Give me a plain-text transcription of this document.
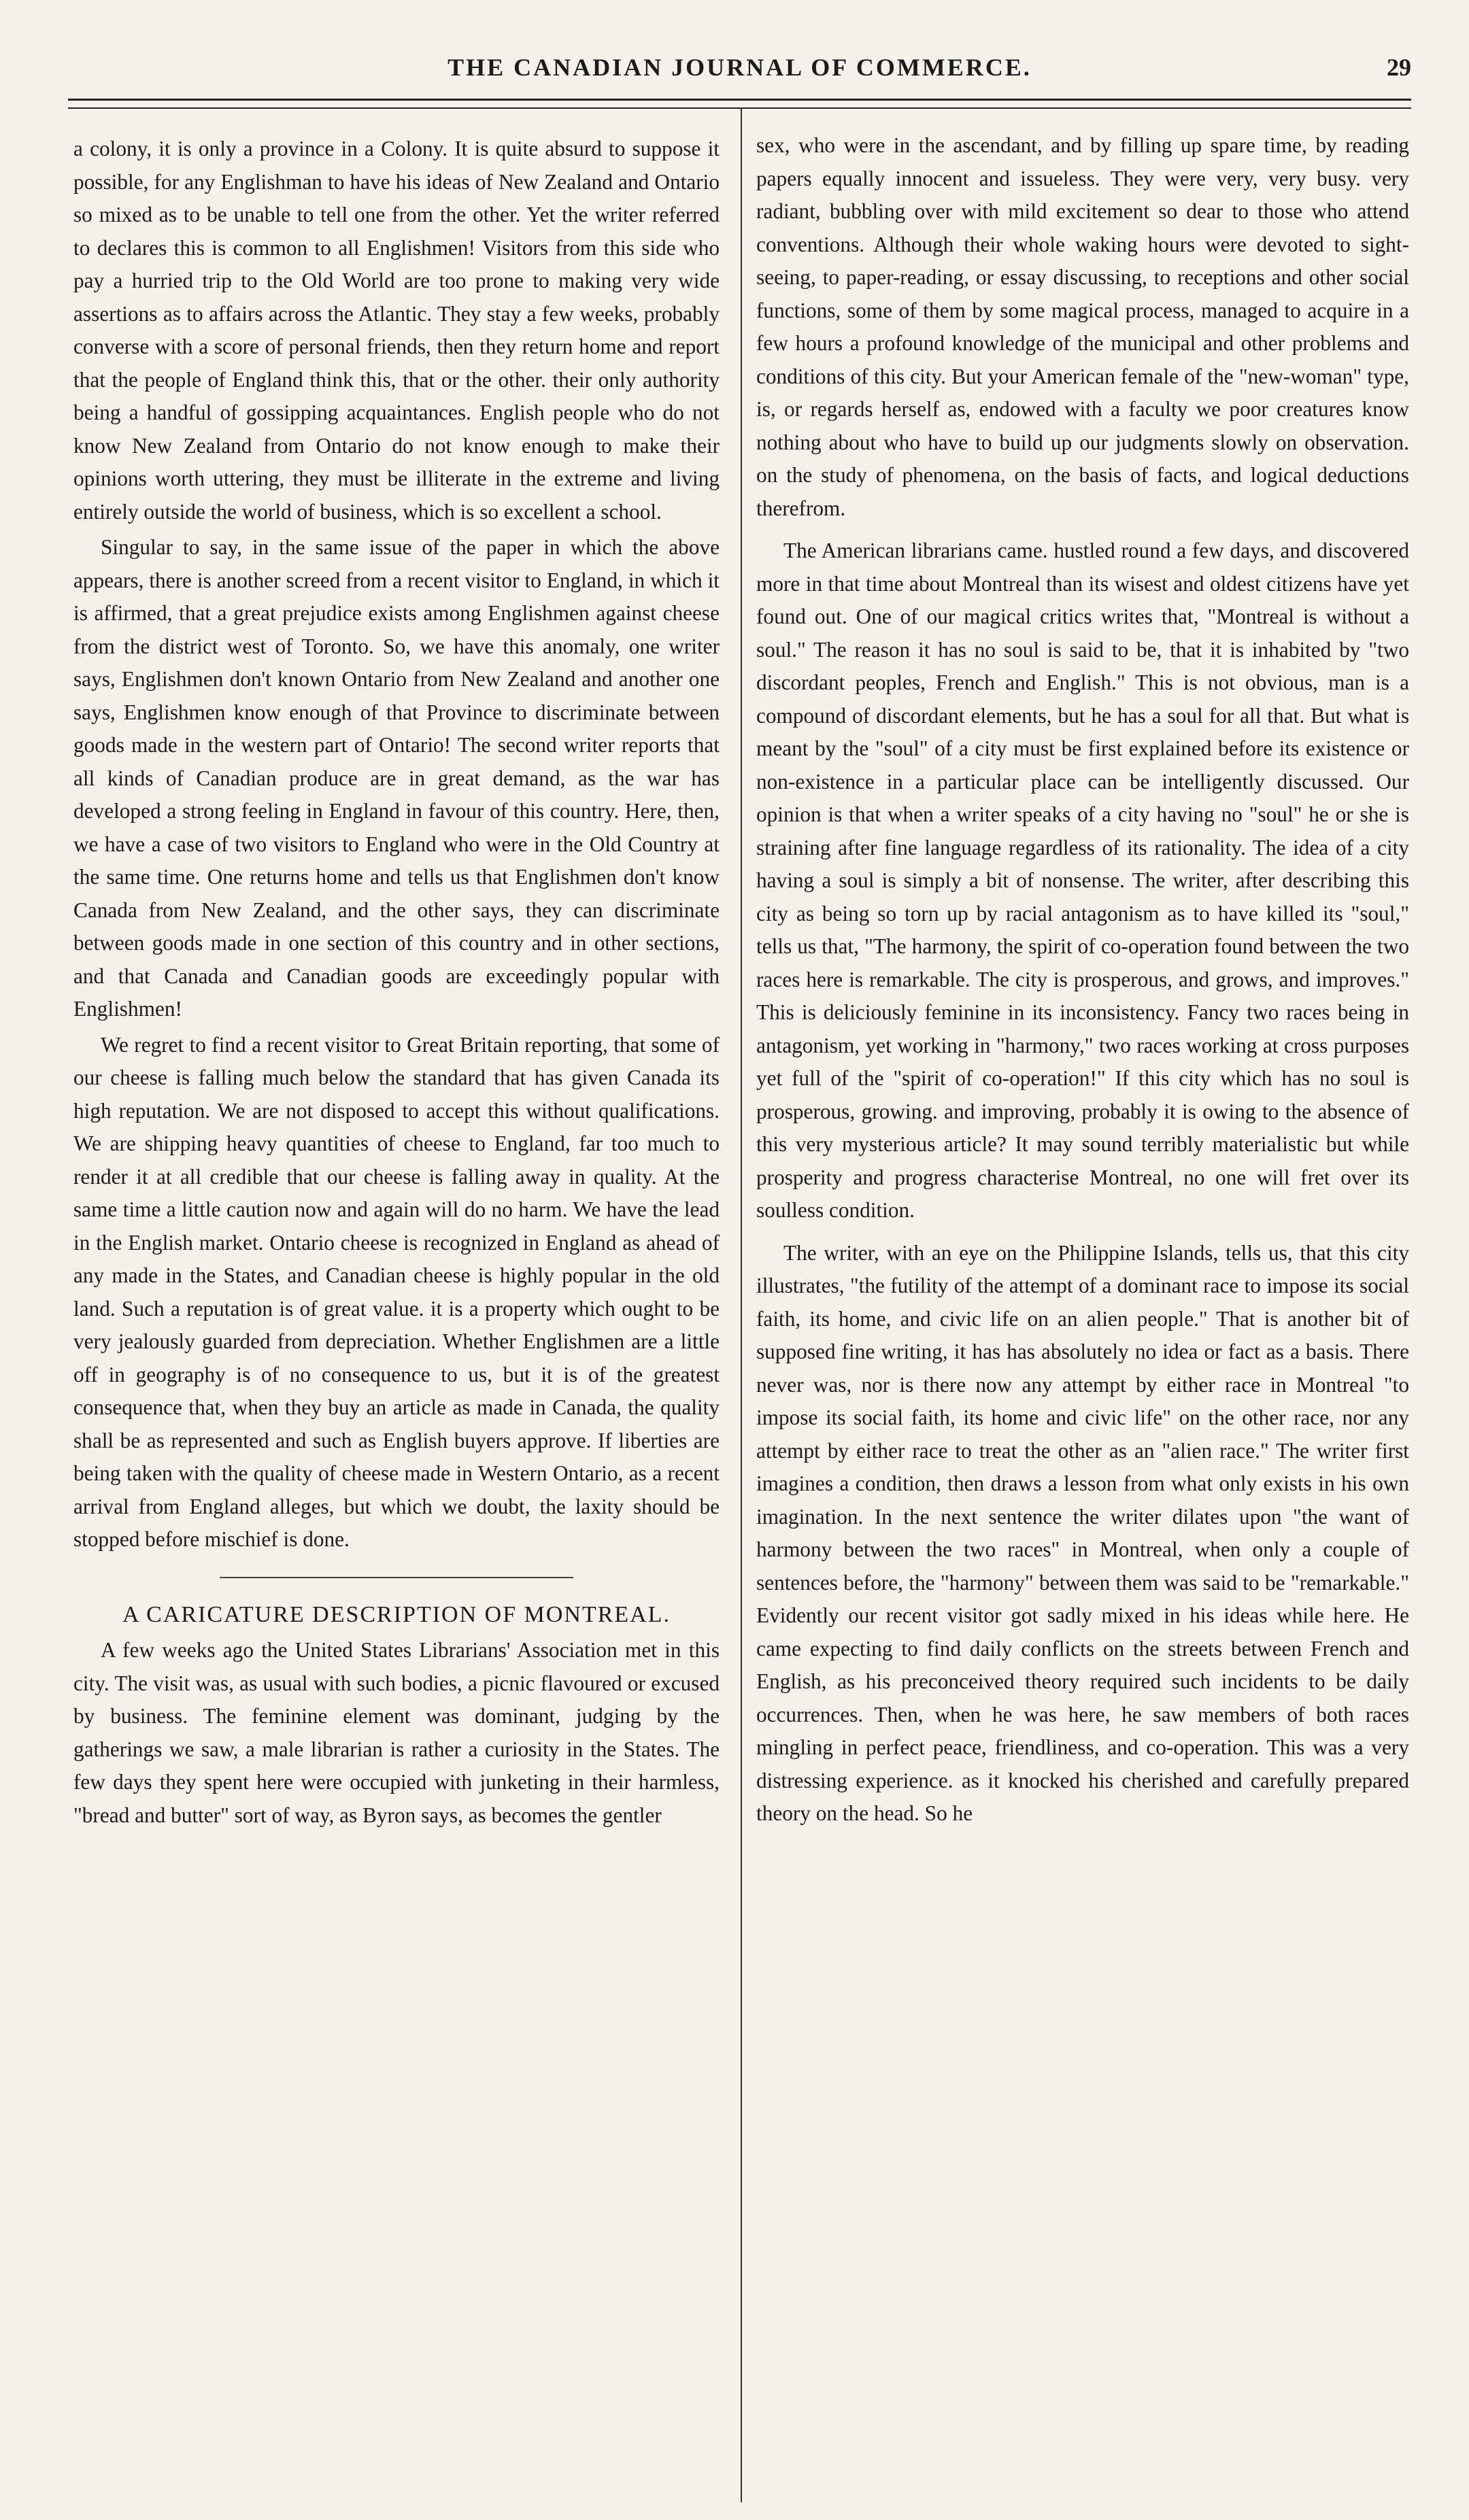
THE CANADIAN JOURNAL OF COMMERCE.	29

a colony, it is only a province in a Colony. It is quite absurd to suppose it possible, for any Englishman to have his ideas of New Zealand and Ontario so mixed as to be unable to tell one from the other. Yet the writer referred to declares this is common to all Englishmen! Visitors from this side who pay a hurried trip to the Old World are too prone to making very wide assertions as to affairs across the Atlantic. They stay a few weeks, probably converse with a score of personal friends, then they return home and report that the people of England think this, that or the other. their only authority being a handful of gossipping acquaintances. English people who do not know New Zealand from Ontario do not know enough to make their opinions worth uttering, they must be illiterate in the extreme and living entirely outside the world of business, which is so excellent a school.

Singular to say, in the same issue of the paper in which the above appears, there is another screed from a recent visitor to England, in which it is affirmed, that a great prejudice exists among Englishmen against cheese from the district west of Toronto. So, we have this anomaly, one writer says, Englishmen don't known Ontario from New Zealand and another one says, Englishmen know enough of that Province to discriminate between goods made in the western part of Ontario! The second writer reports that all kinds of Canadian produce are in great demand, as the war has developed a strong feeling in England in favour of this country. Here, then, we have a case of two visitors to England who were in the Old Country at the same time. One returns home and tells us that Englishmen don't know Canada from New Zealand, and the other says, they can discriminate between goods made in one section of this country and in other sections, and that Canada and Canadian goods are exceedingly popular with Englishmen!

We regret to find a recent visitor to Great Britain reporting, that some of our cheese is falling much below the standard that has given Canada its high reputation. We are not disposed to accept this without qualifications. We are shipping heavy quantities of cheese to England, far too much to render it at all credible that our cheese is falling away in quality. At the same time a little caution now and again will do no harm. We have the lead in the English market. Ontario cheese is recognized in England as ahead of any made in the States, and Canadian cheese is highly popular in the old land. Such a reputation is of great value. it is a property which ought to be very jealously guarded from depreciation. Whether Englishmen are a little off in geography is of no consequence to us, but it is of the greatest consequence that, when they buy an article as made in Canada, the quality shall be as represented and such as English buyers approve. If liberties are being taken with the quality of cheese made in Western Ontario, as a recent arrival from England alleges, but which we doubt, the laxity should be stopped before mischief is done.

A CARICATURE DESCRIPTION OF MONTREAL.

A few weeks ago the United States Librarians' Association met in this city. The visit was, as usual with such bodies, a picnic flavoured or excused by business. The feminine element was dominant, judging by the gatherings we saw, a male librarian is rather a curiosity in the States. The few days they spent here were occupied with junketing in their harmless, "bread and butter" sort of way, as Byron says, as becomes the gentler

sex, who were in the ascendant, and by filling up spare time, by reading papers equally innocent and issueless. They were very, very busy. very radiant, bubbling over with mild excitement so dear to those who attend conventions. Although their whole waking hours were devoted to sight-seeing, to paper-reading, or essay discussing, to receptions and other social functions, some of them by some magical process, managed to acquire in a few hours a profound knowledge of the municipal and other problems and conditions of this city. But your American female of the "new-woman" type, is, or regards herself as, endowed with a faculty we poor creatures know nothing about who have to build up our judgments slowly on observation. on the study of phenomena, on the basis of facts, and logical deductions therefrom.

The American librarians came. hustled round a few days, and discovered more in that time about Montreal than its wisest and oldest citizens have yet found out. One of our magical critics writes that, "Montreal is without a soul." The reason it has no soul is said to be, that it is inhabited by "two discordant peoples, French and English." This is not obvious, man is a compound of discordant elements, but he has a soul for all that. But what is meant by the "soul" of a city must be first explained before its existence or non-existence in a particular place can be intelligently discussed. Our opinion is that when a writer speaks of a city having no "soul" he or she is straining after fine language regardless of its rationality. The idea of a city having a soul is simply a bit of nonsense. The writer, after describing this city as being so torn up by racial antagonism as to have killed its "soul," tells us that, "The harmony, the spirit of co-operation found between the two races here is remarkable. The city is prosperous, and grows, and improves." This is deliciously feminine in its inconsistency. Fancy two races being in antagonism, yet working in "harmony," two races working at cross purposes yet full of the "spirit of co-operation!" If this city which has no soul is prosperous, growing. and improving, probably it is owing to the absence of this very mysterious article? It may sound terribly materialistic but while prosperity and progress characterise Montreal, no one will fret over its soulless condition.

The writer, with an eye on the Philippine Islands, tells us, that this city illustrates, "the futility of the attempt of a dominant race to impose its social faith, its home, and civic life on an alien people." That is another bit of supposed fine writing, it has has absolutely no idea or fact as a basis. There never was, nor is there now any attempt by either race in Montreal "to impose its social faith, its home and civic life" on the other race, nor any attempt by either race to treat the other as an "alien race." The writer first imagines a condition, then draws a lesson from what only exists in his own imagination. In the next sentence the writer dilates upon "the want of harmony between the two races" in Montreal, when only a couple of sentences before, the "harmony" between them was said to be "remarkable." Evidently our recent visitor got sadly mixed in his ideas while here. He came expecting to find daily conflicts on the streets between French and English, as his preconceived theory required such incidents to be daily occurrences. Then, when he was here, he saw members of both races mingling in perfect peace, friendliness, and co-operation. This was a very distressing experience. as it knocked his cherished and carefully prepared theory on the head. So he
